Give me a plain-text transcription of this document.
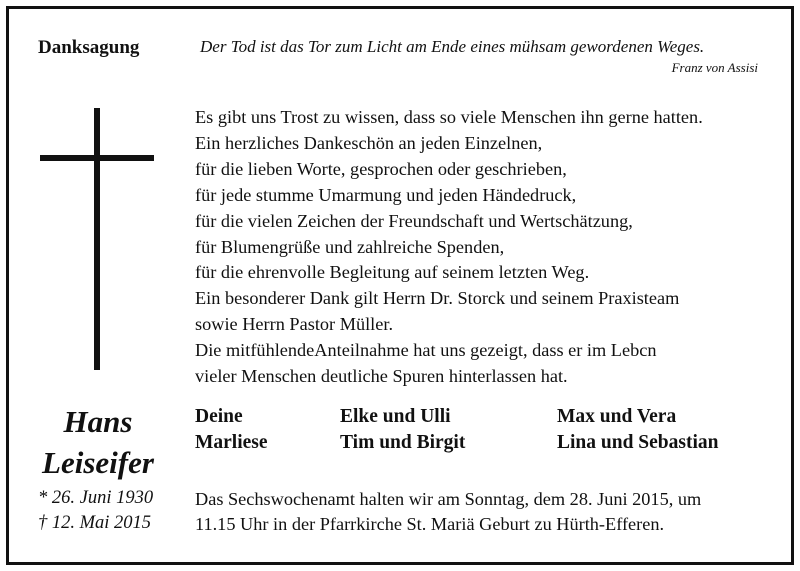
Danksagung	Der Tod ist das Tor zum Licht am Ende eines mühsam gewordenen Weges.
Franz von Assisi
Es gibt uns Trost zu wissen, dass so viele Menschen ihn gerne hatten.
Ein herzliches Dankeschön an jeden Einzelnen,
für die lieben Worte, gesprochen oder geschrieben,
für jede stumme Umarmung und jeden Händedruck,
für die vielen Zeichen der Freundschaft und Wertschätzung,
für Blumengrüße und zahlreiche Spenden,
für die ehrenvolle Begleitung auf seinem letzten Weg.
Ein besonderer Dank gilt Herrn Dr. Storck und seinem Praxisteam
sowie Herrn Pastor Müller.
Die mitfühlendeAnteilnahme hat uns gezeigt, dass er im Lebcn
vieler Menschen deutliche Spuren hinterlassen hat.
Hans
Leiseifer
* 26. Juni 1930
† 12. Mai 2015
Deine
Marliese
Elke und Ulli
Tim und Birgit
Max und Vera
Lina und Sebastian
Das Sechswochenamt halten wir am Sonntag, dem 28. Juni 2015, um
11.15 Uhr in der Pfarrkirche St. Mariä Geburt zu Hürth-Efferen.
